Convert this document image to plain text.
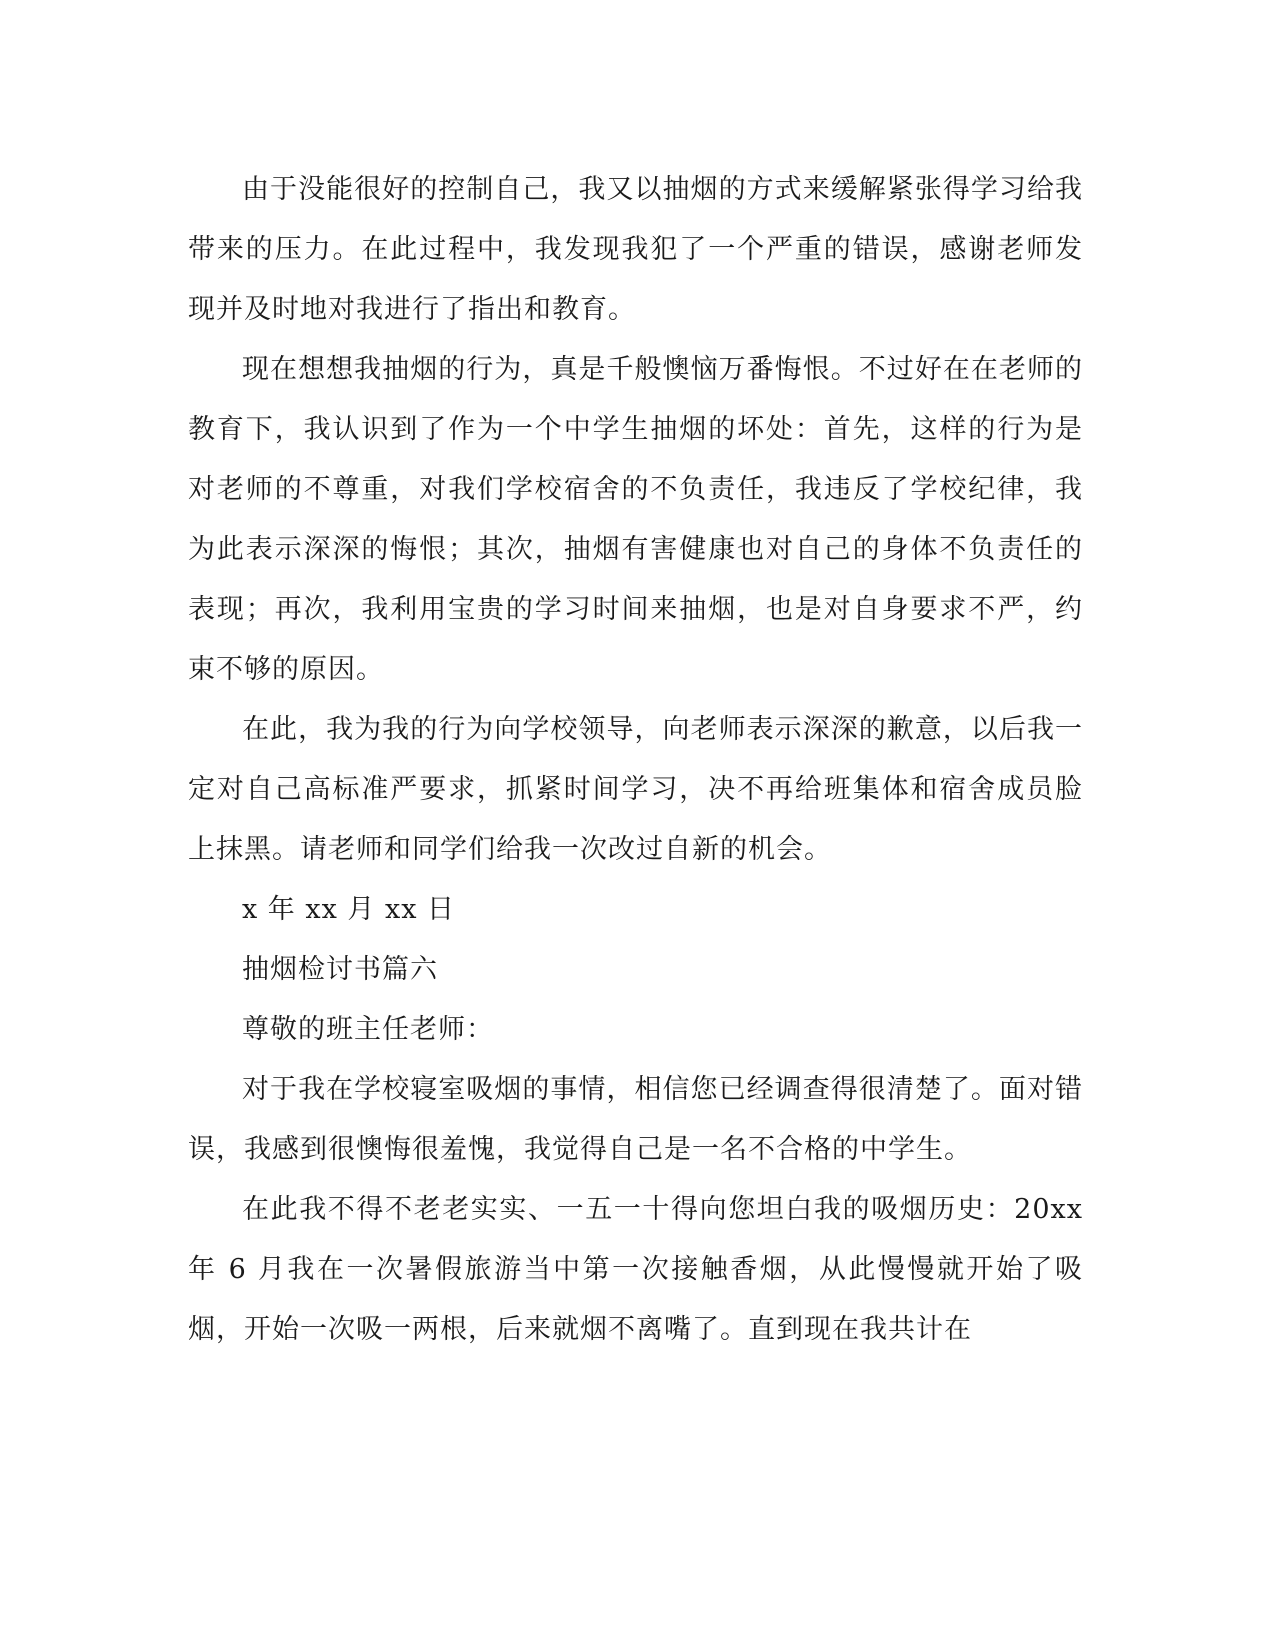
由于没能很好的控制自己，我又以抽烟的方式来缓解紧张得学习给我带来的压力。在此过程中，我发现我犯了一个严重的错误，感谢老师发现并及时地对我进行了指出和教育。

现在想想我抽烟的行为，真是千般懊恼万番悔恨。不过好在在老师的教育下，我认识到了作为一个中学生抽烟的坏处：首先，这样的行为是对老师的不尊重，对我们学校宿舍的不负责任，我违反了学校纪律，我为此表示深深的悔恨；其次，抽烟有害健康也对自己的身体不负责任的表现；再次，我利用宝贵的学习时间来抽烟，也是对自身要求不严，约束不够的原因。

在此，我为我的行为向学校领导，向老师表示深深的歉意，以后我一定对自己高标准严要求，抓紧时间学习，决不再给班集体和宿舍成员脸上抹黑。请老师和同学们给我一次改过自新的机会。

x 年 xx 月 xx 日

抽烟检讨书篇六

尊敬的班主任老师：

对于我在学校寝室吸烟的事情，相信您已经调查得很清楚了。面对错误，我感到很懊悔很羞愧，我觉得自己是一名不合格的中学生。

在此我不得不老老实实、一五一十得向您坦白我的吸烟历史：20xx 年 6 月我在一次暑假旅游当中第一次接触香烟，从此慢慢就开始了吸烟，开始一次吸一两根，后来就烟不离嘴了。直到现在我共计在
